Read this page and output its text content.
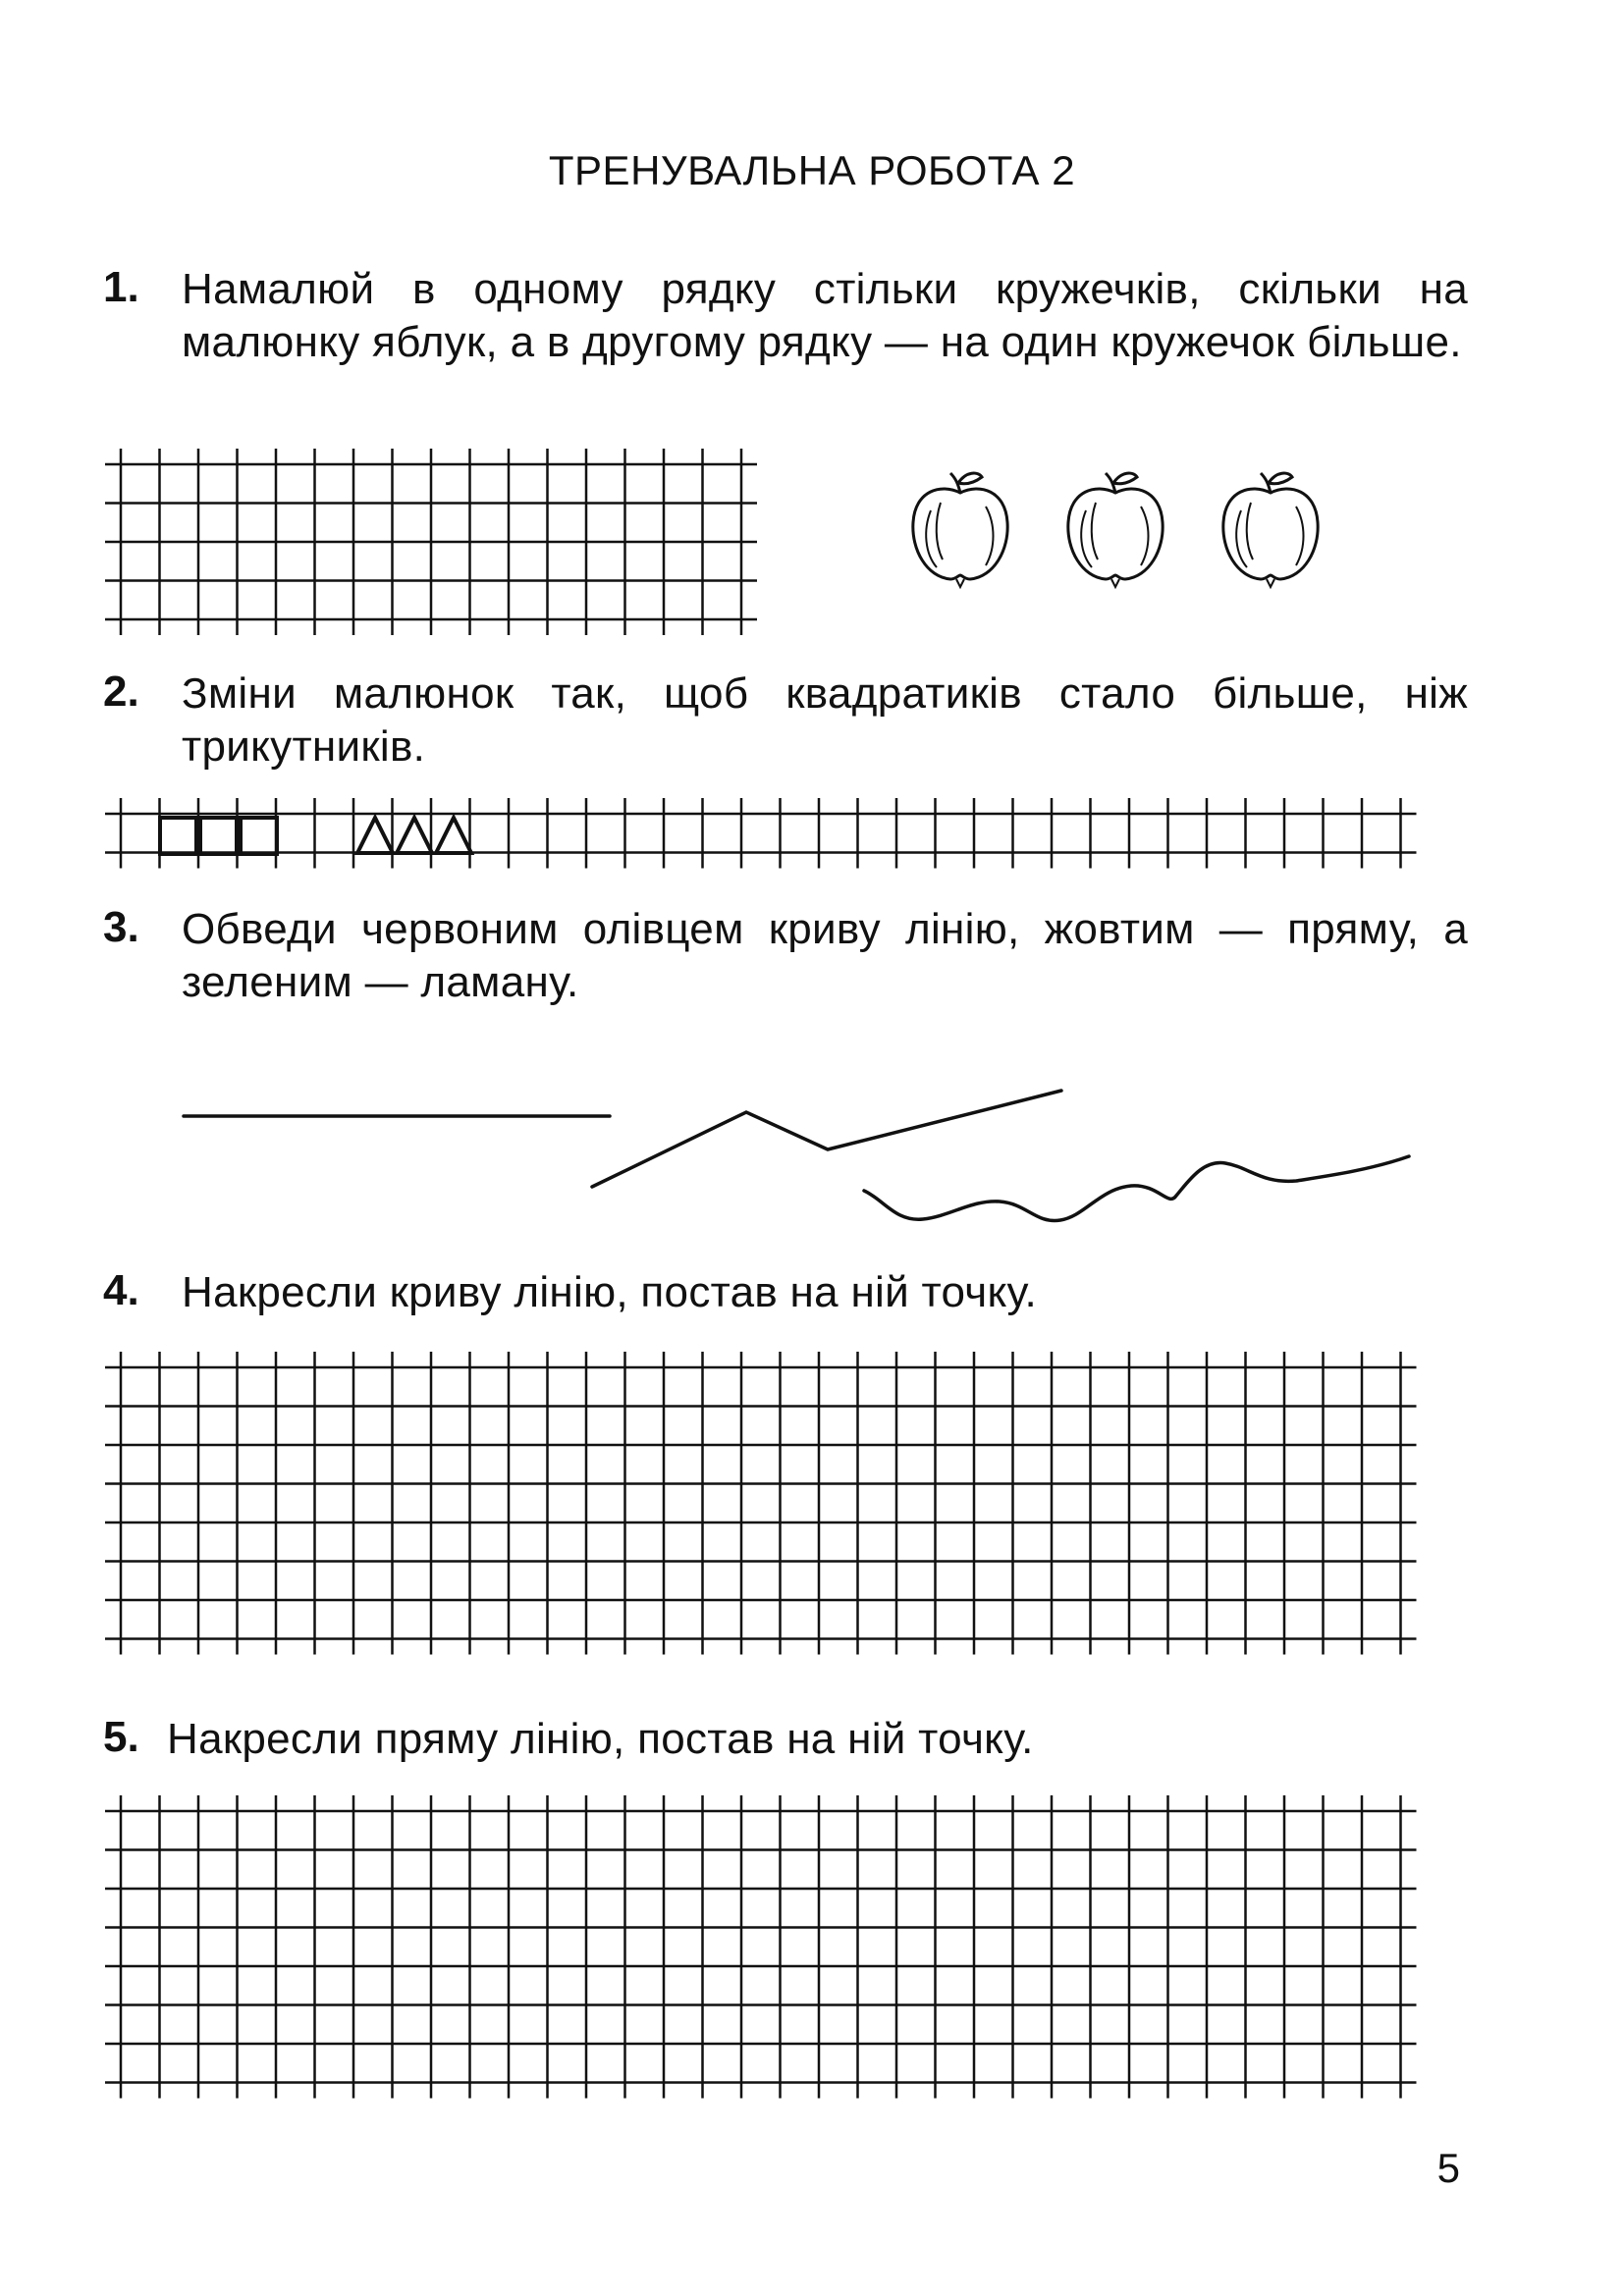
ТРЕНУВАЛЬНА РОБОТА 2
1. Намалюй в одному рядку стільки кружечків, скільки на малюнку яблук, а в другому рядку — на один кружечок більше.
2. Зміни малюнок так, щоб квадратиків стало більше, ніж трикутників.
3. Обведи червоним олівцем криву лінію, жовтим — пряму, а зеленим — ламану.
4. Накресли криву лінію, постав на ній точку.
5. Накресли пряму лінію, постав на ній точку.
5
